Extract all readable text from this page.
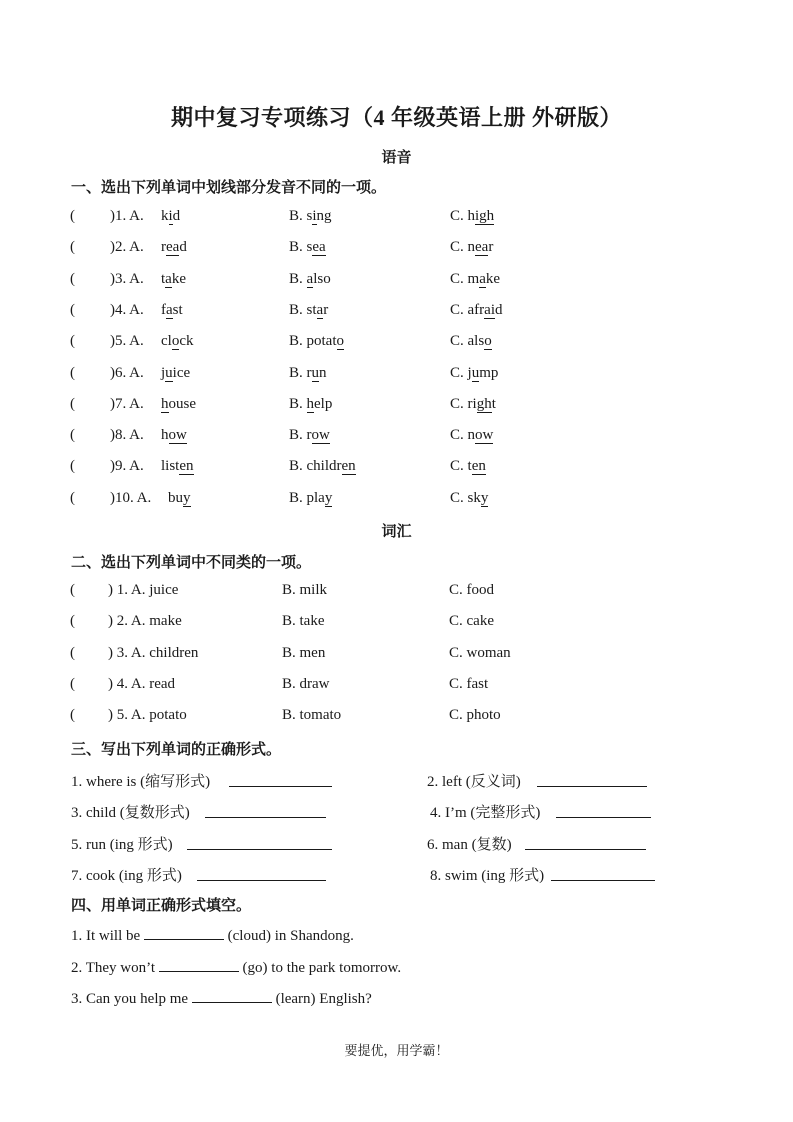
期中复习专项练习（4 年级英语上册 外研版）
语音
一、选出下列单词中划线部分发音不同的一项。
( )1. A. kid	B. sing	C. high
( )2. A. read	B. sea	C. near
( )3. A. take	B. also	C. make
( )4. A. fast	B. star	C. afraid
( )5. A. clock	B. potato	C. also
( )6. A. juice	B. run	C. jump
( )7. A. house	B. help	C. right
( )8. A. how	B. row	C. now
( )9. A. listen	B. children	C. ten
( )10. A. buy	B. play	C. sky
词汇
二、选出下列单词中不同类的一项。
( ) 1. A. juice	B. milk	C. food
( ) 2. A. make	B. take	C. cake
( ) 3. A. children	B. men	C. woman
( ) 4. A. read	B. draw	C. fast
( ) 5. A. potato	B. tomato	C. photo
三、写出下列单词的正确形式。
1. where is (缩写形式)	2. left (反义词)
3. child (复数形式)	4. I’m (完整形式)
5. run (ing 形式)	6. man (复数)
7. cook (ing 形式)	8. swim (ing 形式)
四、用单词正确形式填空。
1. It will be	(cloud) in Shandong.
2. They won’t	(go) to the park tomorrow.
3. Can you help me	(learn) English?
要提优，用学霸！
